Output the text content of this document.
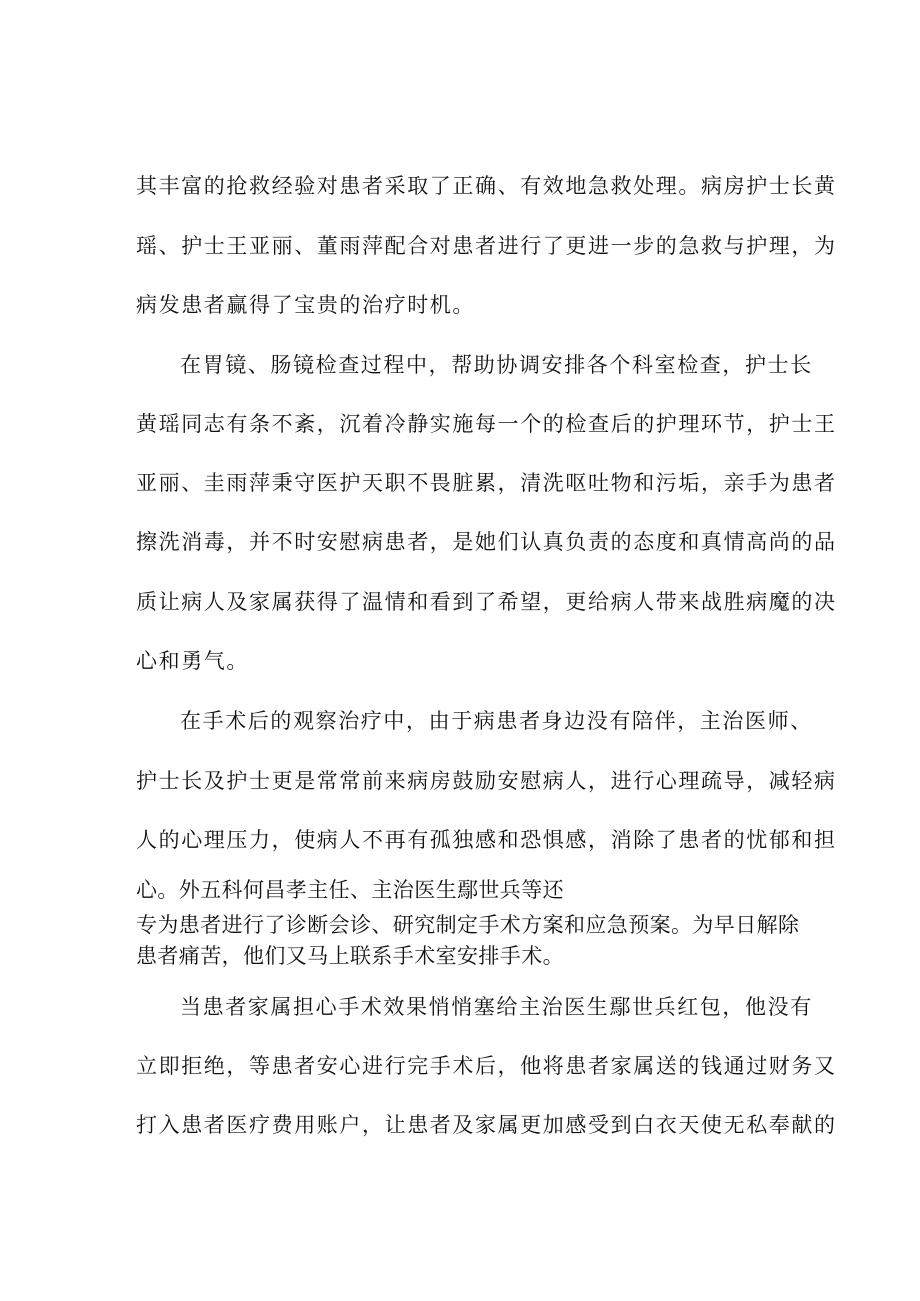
其丰富的抢救经验对患者采取了正确、有效地急救处理。病房护士长黄
瑶、护士王亚丽、董雨萍配合对患者进行了更进一步的急救与护理，为
病发患者赢得了宝贵的治疗时机。
在胃镜、肠镜检查过程中，帮助协调安排各个科室检查，护士长
黄瑶同志有条不紊，沉着冷静实施每一个的检查后的护理环节，护士王
亚丽、圭雨萍秉守医护天职不畏脏累，清洗呕吐物和污垢，亲手为患者
擦洗消毒，并不时安慰病患者，是她们认真负责的态度和真情高尚的品
质让病人及家属获得了温情和看到了希望，更给病人带来战胜病魔的决
心和勇气。
在手术后的观察治疗中，由于病患者身边没有陪伴，主治医师、
护士长及护士更是常常前来病房鼓励安慰病人，进行心理疏导，减轻病
人的心理压力，使病人不再有孤独感和恐惧感，消除了患者的忧郁和担
心。外五科何昌孝主任、主治医生鄢世兵等还
专为患者进行了诊断会诊、研究制定手术方案和应急预案。为早日解除
患者痛苦，他们又马上联系手术室安排手术。
当患者家属担心手术效果悄悄塞给主治医生鄢世兵红包，他没有
立即拒绝，等患者安心进行完手术后，他将患者家属送的钱通过财务又
打入患者医疗费用账户，让患者及家属更加感受到白衣天使无私奉献的
